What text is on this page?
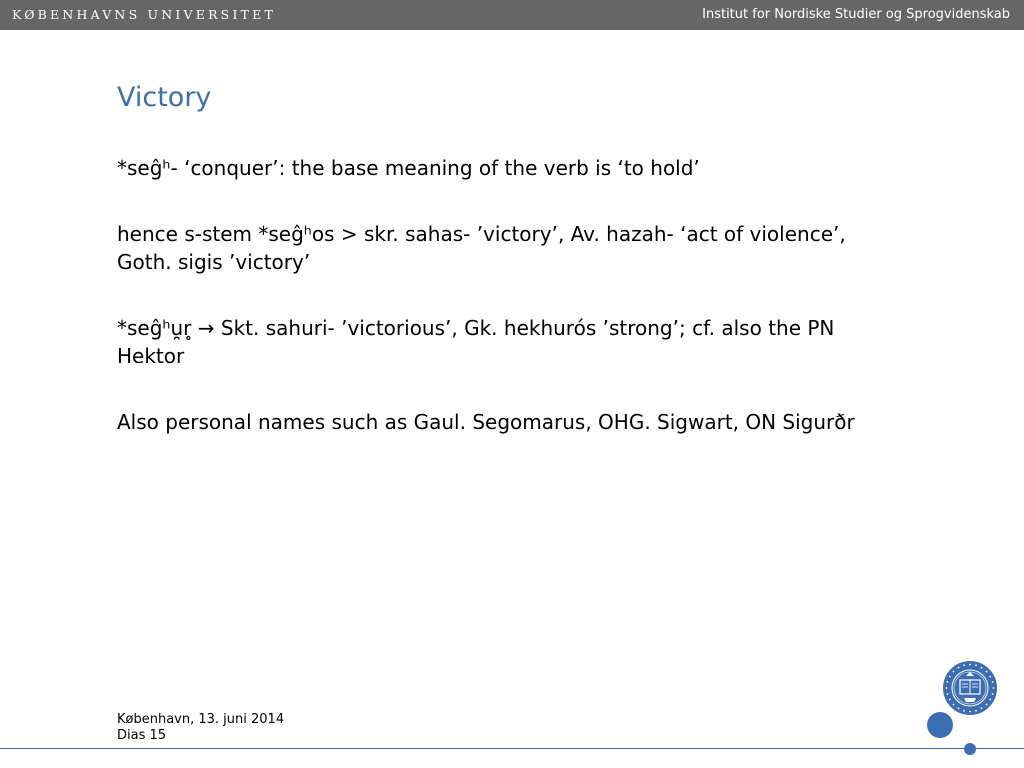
KØBENHAVNS UNIVERSITET	Institut for Nordiske Studier og Sprogvidenskab
Victory

*seĝʰ- ‘conquer’: the base meaning of the verb is ‘to hold’

hence s-stem *seĝʰos > skr. sahas- ’victory’, Av. hazah- ‘act of violence’, Goth. sigis ’victory’

*seĝʰu̯r̥ → Skt. sahuri- ’victorious’, Gk. hekhurós ’strong’; cf. also the PN Hektor

Also personal names such as Gaul. Segomarus, OHG. Sigwart, ON Sigurðr

København, 13. juni 2014
Dias 15
